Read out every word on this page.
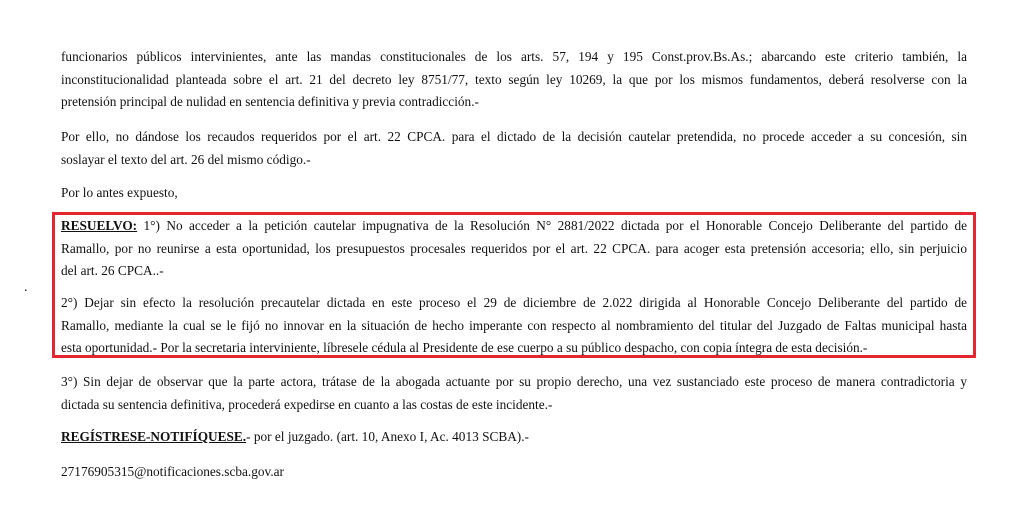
funcionarios públicos intervinientes, ante las mandas constitucionales de los arts. 57, 194 y 195 Const.prov.Bs.As.; abarcando este criterio también, la
inconstitucionalidad planteada sobre el art. 21 del decreto ley 8751/77, texto según ley 10269, la que por los mismos fundamentos, deberá resolverse con la
pretensión principal de nulidad en sentencia definitiva y previa contradicción.-

Por ello, no dándose los recaudos requeridos por el art. 22 CPCA. para el dictado de la decisión cautelar pretendida, no procede acceder a su concesión, sin
soslayar el texto del art. 26 del mismo código.-

Por lo antes expuesto,

RESUELVO: 1°) No acceder a la petición cautelar impugnativa de la Resolución N° 2881/2022 dictada por el Honorable Concejo Deliberante del partido de
Ramallo, por no reunirse a esta oportunidad, los presupuestos procesales requeridos por el art. 22 CPCA. para acoger esta pretensión accesoria; ello, sin perjuicio
del art. 26 CPCA..-

.

2°) Dejar sin efecto la resolución precautelar dictada en este proceso el 29 de diciembre de 2.022 dirigida al Honorable Concejo Deliberante del partido de
Ramallo, mediante la cual se le fijó no innovar en la situación de hecho imperante con respecto al nombramiento del titular del Juzgado de Faltas municipal hasta
esta oportunidad.- Por la secretaria interviniente, líbresele cédula al Presidente de ese cuerpo a su público despacho, con copia íntegra de esta decisión.-

3°) Sin dejar de observar que la parte actora, trátase de la abogada actuante por su propio derecho, una vez sustanciado este proceso de manera contradictoria y
dictada su sentencia definitiva, procederá expedirse en cuanto a las costas de este incidente.-

REGÍSTRESE-NOTIFÍQUESE.- por el juzgado. (art. 10, Anexo I, Ac. 4013 SCBA).-

27176905315@notificaciones.scba.gov.ar
